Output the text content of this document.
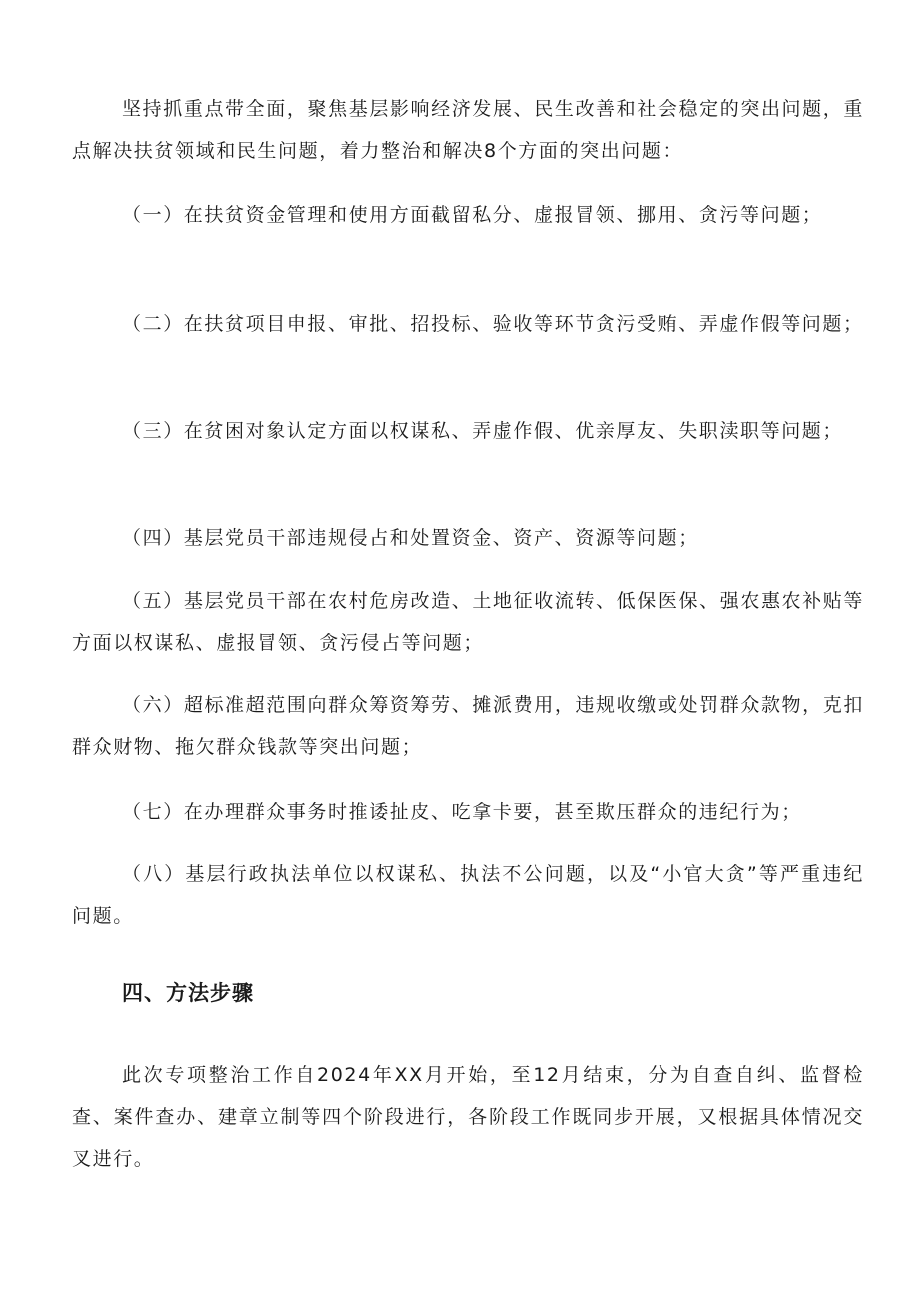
坚持抓重点带全面，聚焦基层影响经济发展、民生改善和社会稳定的突出问题，重点解决扶贫领域和民生问题，着力整治和解决8个方面的突出问题：

（一）在扶贫资金管理和使用方面截留私分、虚报冒领、挪用、贪污等问题；

（二）在扶贫项目申报、审批、招投标、验收等环节贪污受贿、弄虚作假等问题；

（三）在贫困对象认定方面以权谋私、弄虚作假、优亲厚友、失职渎职等问题；

（四）基层党员干部违规侵占和处置资金、资产、资源等问题；

（五）基层党员干部在农村危房改造、土地征收流转、低保医保、强农惠农补贴等方面以权谋私、虚报冒领、贪污侵占等问题；

（六）超标准超范围向群众筹资筹劳、摊派费用，违规收缴或处罚群众款物，克扣群众财物、拖欠群众钱款等突出问题；

（七）在办理群众事务时推诿扯皮、吃拿卡要，甚至欺压群众的违纪行为；

（八）基层行政执法单位以权谋私、执法不公问题，以及“小官大贪”等严重违纪问题。

四、方法步骤

此次专项整治工作自2024年XX月开始，至12月结束，分为自查自纠、监督检查、案件查办、建章立制等四个阶段进行，各阶段工作既同步开展，又根据具体情况交叉进行。
